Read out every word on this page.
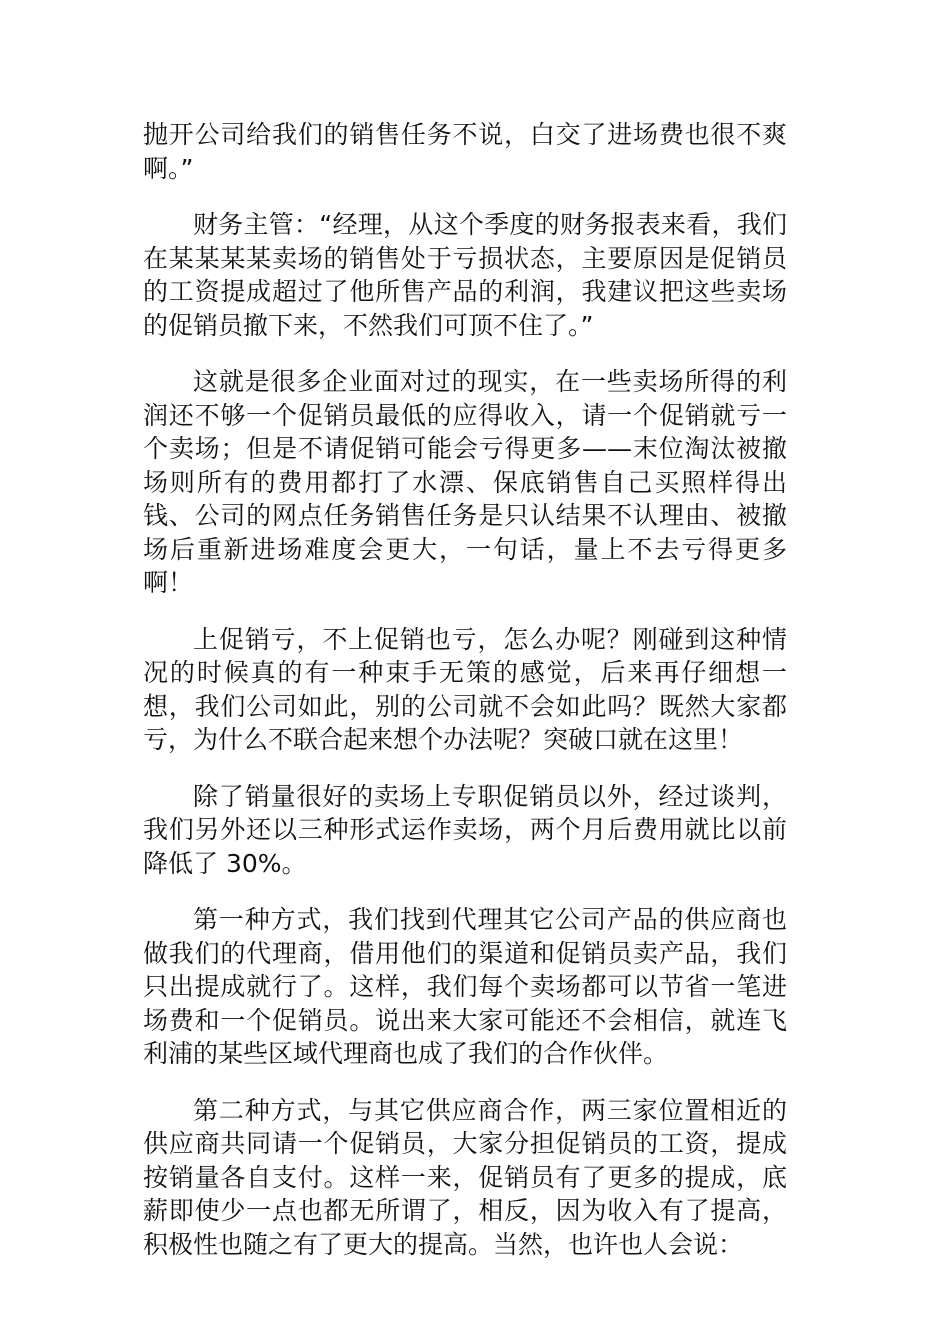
抛开公司给我们的销售任务不说，白交了进场费也很不爽啊。”

财务主管：“经理，从这个季度的财务报表来看，我们在某某某某卖场的销售处于亏损状态，主要原因是促销员的工资提成超过了他所售产品的利润，我建议把这些卖场的促销员撤下来，不然我们可顶不住了。”

这就是很多企业面对过的现实，在一些卖场所得的利润还不够一个促销员最低的应得收入，请一个促销就亏一个卖场；但是不请促销可能会亏得更多——末位淘汰被撤场则所有的费用都打了水漂、保底销售自己买照样得出钱、公司的网点任务销售任务是只认结果不认理由、被撤场后重新进场难度会更大，一句话，量上不去亏得更多啊！

上促销亏，不上促销也亏，怎么办呢？刚碰到这种情况的时候真的有一种束手无策的感觉，后来再仔细想一想，我们公司如此，别的公司就不会如此吗？既然大家都亏，为什么不联合起来想个办法呢？突破口就在这里！

除了销量很好的卖场上专职促销员以外，经过谈判，我们另外还以三种形式运作卖场，两个月后费用就比以前降低了 30%。

第一种方式，我们找到代理其它公司产品的供应商也做我们的代理商，借用他们的渠道和促销员卖产品，我们只出提成就行了。这样，我们每个卖场都可以节省一笔进场费和一个促销员。说出来大家可能还不会相信，就连飞利浦的某些区域代理商也成了我们的合作伙伴。

第二种方式，与其它供应商合作，两三家位置相近的供应商共同请一个促销员，大家分担促销员的工资，提成按销量各自支付。这样一来，促销员有了更多的提成，底薪即使少一点也都无所谓了，相反，因为收入有了提高，积极性也随之有了更大的提高。当然，也许也人会说：
